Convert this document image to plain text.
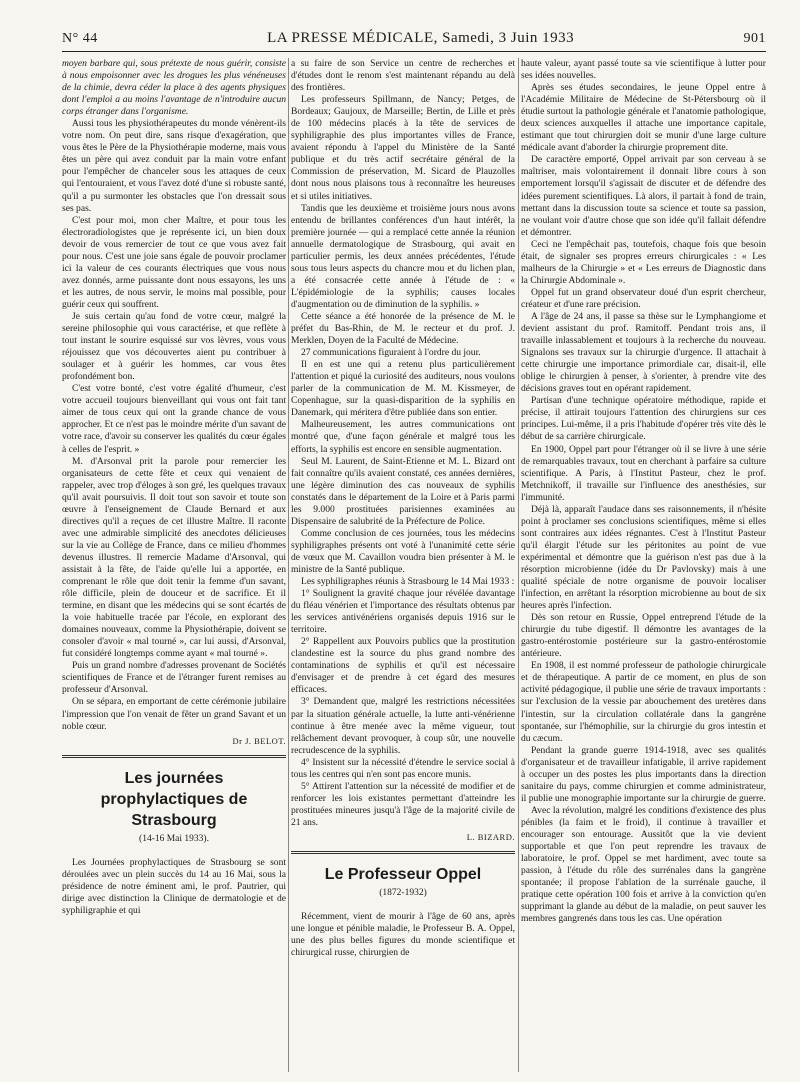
N° 44	LA PRESSE MÉDICALE, Samedi, 3 Juin 1933	901

moyen barbare qui, sous prétexte de nous guérir, consiste à nous empoisonner avec les drogues les plus vénéneuses de la chimie, devra céder la place à des agents physiques dont l'emploi a au moins l'avantage de n'introduire aucun corps étranger dans l'organisme.

Aussi tous les physiothérapeutes du monde vénèrent-ils votre nom. On peut dire, sans risque d'exagération, que vous êtes le Père de la Physiothérapie moderne, mais vous êtes un père qui avez conduit par la main votre enfant pour l'empêcher de chanceler sous les attaques de ceux qui l'entouraient, et vous l'avez doté d'une si robuste santé, qu'il a pu surmonter les obstacles que l'on dressait sous ses pas.

C'est pour moi, mon cher Maître, et pour tous les électroradiologistes que je représente ici, un bien doux devoir de vous remercier de tout ce que vous avez fait pour nous. C'est une joie sans égale de pouvoir proclamer ici la valeur de ces courants électriques que vous nous avez donnés, arme puissante dont nous essayons, les uns et les autres, de nous servir, le moins mal possible, pour guérir ceux qui souffrent.

Je suis certain qu'au fond de votre cœur, malgré la sereine philosophie qui vous caractérise, et que reflète à tout instant le sourire esquissé sur vos lèvres, vous vous réjouissez que vos découvertes aient pu contribuer à soulager et à guérir les hommes, car vous êtes profondément bon.

C'est votre bonté, c'est votre égalité d'humeur, c'est votre accueil toujours bienveillant qui vous ont fait tant aimer de tous ceux qui ont la grande chance de vous approcher. Et ce n'est pas le moindre mérite d'un savant de votre race, d'avoir su conserver les qualités du cœur égales à celles de l'esprit. »

M. d'Arsonval prit la parole pour remercier les organisateurs de cette fête et ceux qui venaient de rappeler, avec trop d'éloges à son gré, les quelques travaux qu'il avait poursuivis. Il doit tout son savoir et toute son œuvre à l'enseignement de Claude Bernard et aux directives qu'il a reçues de cet illustre Maître. Il raconte avec une admirable simplicité des anecdotes délicieuses sur la vie au Collège de France, dans ce milieu d'hommes devenus illustres. Il remercie Madame d'Arsonval, qui assistait à la fête, de l'aide qu'elle lui a apportée, en comprenant le rôle que doit tenir la femme d'un savant, rôle difficile, plein de douceur et de sacrifice. Et il termine, en disant que les médecins qui se sont écartés de la voie habituelle tracée par l'école, en explorant des domaines nouveaux, comme la Physiothérapie, doivent se consoler d'avoir « mal tourné », car lui aussi, d'Arsonval, fut considéré longtemps comme ayant « mal tourné ».

Puis un grand nombre d'adresses provenant de Sociétés scientifiques de France et de l'étranger furent remises au professeur d'Arsonval.

On se sépara, en emportant de cette cérémonie jubilaire l'impression que l'on venait de fêter un grand Savant et un noble cœur.

Dr J. BELOT.
Les journées prophylactiques de Strasbourg
(14-16 Mai 1933).

Les Journées prophylactiques de Strasbourg se sont déroulées avec un plein succès du 14 au 16 Mai, sous la présidence de notre éminent ami, le prof. Pautrier, qui dirige avec distinction la Clinique de dermatologie et de syphiligraphie et qui

a su faire de son Service un centre de recherches et d'études dont le renom s'est maintenant répandu au delà des frontières.

Les professeurs Spillmann, de Nancy; Petges, de Bordeaux; Gaujoux, de Marseille; Bertin, de Lille et près de 100 médecins placés à la tête de services de syphiligraphie des plus importantes villes de France, avaient répondu à l'appel du Ministère de la Santé publique et du très actif secrétaire général de la Commission de préservation, M. Sicard de Plauzolles dont nous nous plaisons tous à reconnaître les heureuses et si utiles initiatives.

Tandis que les deuxième et troisième jours nous avons entendu de brillantes conférences d'un haut intérêt, la première journée — qui a remplacé cette année la réunion annuelle dermatologique de Strasbourg, qui avait en particulier permis, les deux années précédentes, l'étude sous tous leurs aspects du chancre mou et du lichen plan, a été consacrée cette année à l'étude de : « L'épidémiologie de la syphilis; causes locales d'augmentation ou de diminution de la syphilis. »

Cette séance a été honorée de la présence de M. le préfet du Bas-Rhin, de M. le recteur et du prof. J. Merklen, Doyen de la Faculté de Médecine.

27 communications figuraient à l'ordre du jour.

Il en est une qui a retenu plus particulièrement l'attention et piqué la curiosité des auditeurs, nous voulons parler de la communication de M. M. Kissmeyer, de Copenhague, sur la quasi-disparition de la syphilis en Danemark, qui méritera d'être publiée dans son entier.

Malheureusement, les autres communications ont montré que, d'une façon générale et malgré tous les efforts, la syphilis est encore en sensible augmentation.

Seul M. Laurent, de Saint-Etienne et M. L. Bizard ont fait connaître qu'ils avaient constaté, ces années dernières, une légère diminution des cas nouveaux de syphilis constatés dans le département de la Loire et à Paris parmi les 9.000 prostituées parisiennes examinées au Dispensaire de salubrité de la Préfecture de Police.

Comme conclusion de ces journées, tous les médecins syphiligraphes présents ont voté à l'unanimité cette série de vœux que M. Cavaillon voudra bien présenter à M. le ministre de la Santé publique.

Les syphiligraphes réunis à Strasbourg le 14 Mai 1933 :

1° Soulignent la gravité chaque jour révélée davantage du fléau vénérien et l'importance des résultats obtenus par les services antivénériens organisés depuis 1916 sur le territoire.

2° Rappellent aux Pouvoirs publics que la prostitution clandestine est la source du plus grand nombre des contaminations de syphilis et qu'il est nécessaire d'envisager et de prendre à cet égard des mesures efficaces.

3° Demandent que, malgré les restrictions nécessitées par la situation générale actuelle, la lutte anti-vénérienne continue à être menée avec la même vigueur, tout relâchement devant provoquer, à coup sûr, une nouvelle recrudescence de la syphilis.

4° Insistent sur la nécessité d'étendre le service social à tous les centres qui n'en sont pas encore munis.

5° Attirent l'attention sur la nécessité de modifier et de renforcer les lois existantes permettant d'atteindre les prostituées mineures jusqu'à l'âge de la majorité civile de 21 ans.

L. BIZARD.
Le Professeur Oppel
(1872-1932)

Récemment, vient de mourir à l'âge de 60 ans, après une longue et pénible maladie, le Professeur B. A. Oppel, une des plus belles figures du monde scientifique et chirurgical russe, chirurgien de

haute valeur, ayant passé toute sa vie scientifique à lutter pour ses idées nouvelles.

Après ses études secondaires, le jeune Oppel entre à l'Académie Militaire de Médecine de St-Pétersbourg où il étudie surtout la pathologie générale et l'anatomie pathologique, deux sciences auxquelles il attache une importance capitale, estimant que tout chirurgien doit se munir d'une large culture médicale avant d'aborder la chirurgie proprement dite.

De caractère emporté, Oppel arrivait par son cerveau à se maîtriser, mais volontairement il donnait libre cours à son emportement lorsqu'il s'agissait de discuter et de défendre des idées purement scientifiques. Là alors, il partait à fond de train, mettant dans la discussion toute sa science et toute sa passion, ne voulant voir d'autre chose que son idée qu'il fallait défendre et démontrer.

Ceci ne l'empêchait pas, toutefois, chaque fois que besoin était, de signaler ses propres erreurs chirurgicales : « Les malheurs de la Chirurgie » et « Les erreurs de Diagnostic dans la Chirurgie Abdominale ».

Oppel fut un grand observateur doué d'un esprit chercheur, créateur et d'une rare précision.

A l'âge de 24 ans, il passe sa thèse sur le Lymphangiome et devient assistant du prof. Ramitoff. Pendant trois ans, il travaille inlassablement et toujours à la recherche du nouveau. Signalons ses travaux sur la chirurgie d'urgence. Il attachait à cette chirurgie une importance primordiale car, disait-il, elle oblige le chirurgien à penser, à s'orienter, à prendre vite des décisions graves tout en opérant rapidement.

Partisan d'une technique opératoire méthodique, rapide et précise, il attirait toujours l'attention des chirurgiens sur ces principes. Lui-même, il a pris l'habitude d'opérer très vite dès le début de sa carrière chirurgicale.

En 1900, Oppel part pour l'étranger où il se livre à une série de remarquables travaux, tout en cherchant à parfaire sa culture scientifique. A Paris, à l'Institut Pasteur, chez le prof. Metchnikoff, il travaille sur l'influence des anesthésies, sur l'immunité.

Déjà là, apparaît l'audace dans ses raisonnements, il n'hésite point à proclamer ses conclusions scientifiques, même si elles sont contraires aux idées régnantes. C'est à l'Institut Pasteur qu'il élargit l'étude sur les péritonites au point de vue expérimental et démontre que la guérison n'est pas due à la résorption microbienne (idée du Dr Pavlovsky) mais à une qualité spéciale de notre organisme de pouvoir localiser l'infection, en arrêtant la résorption microbienne au bout de six heures après l'infection.

Dès son retour en Russie, Oppel entreprend l'étude de la chirurgie du tube digestif. Il démontre les avantages de la gastro-entérostomie postérieure sur la gastro-entérostomie antérieure.

En 1908, il est nommé professeur de pathologie chirurgicale et de thérapeutique. A partir de ce moment, en plus de son activité pédagogique, il publie une série de travaux importants : sur l'exclusion de la vessie par abouchement des uretères dans l'intestin, sur la circulation collatérale dans la gangrène spontanée, sur l'hémophilie, sur la chirurgie du gros intestin et du cæcum.

Pendant la grande guerre 1914-1918, avec ses qualités d'organisateur et de travailleur infatigable, il arrive rapidement à occuper un des postes les plus importants dans la direction sanitaire du pays, comme chirurgien et comme administrateur, il publie une monographie importante sur la chirurgie de guerre.

Avec la révolution, malgré les conditions d'existence des plus pénibles (la faim et le froid), il continue à travailler et encourager son entourage. Aussitôt que la vie devient supportable et que l'on peut reprendre les travaux de laboratoire, le prof. Oppel se met hardiment, avec toute sa passion, à l'étude du rôle des surrénales dans la gangrène spontanée; il propose l'ablation de la surrénale gauche, il pratique cette opération 100 fois et arrive à la conviction qu'en supprimant la glande au début de la maladie, on peut sauver les membres gangrenés dans tous les cas. Une opération
